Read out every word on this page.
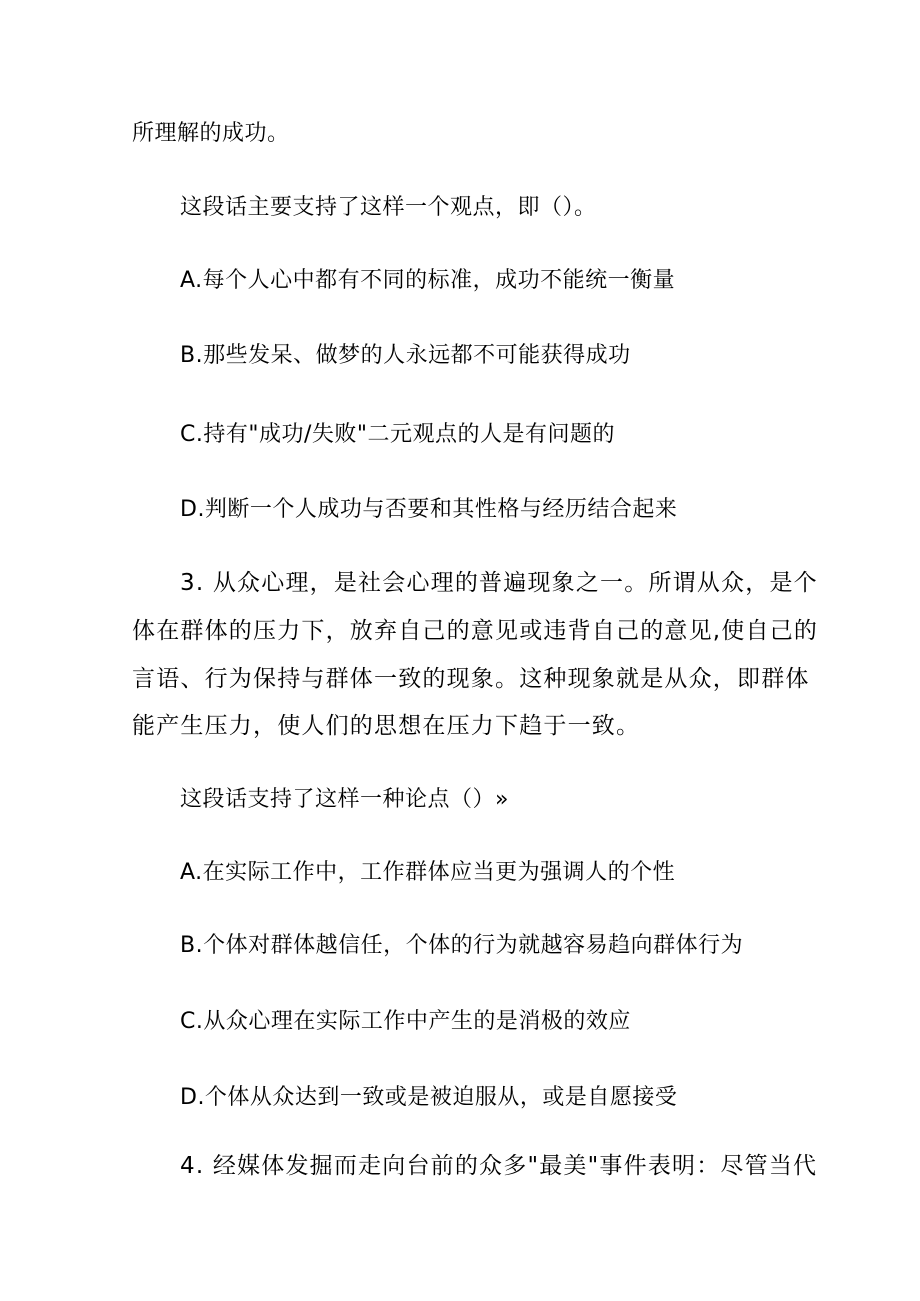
所理解的成功。
这段话主要支持了这样一个观点，即（）。
A.每个人心中都有不同的标准，成功不能统一衡量
B.那些发呆、做梦的人永远都不可能获得成功
C.持有"成功/失败"二元观点的人是有问题的
D.判断一个人成功与否要和其性格与经历结合起来
3. 从众心理，是社会心理的普遍现象之一。所谓从众，是个
体在群体的压力下，放弃自己的意见或违背自己的意见,使自己的
言语、行为保持与群体一致的现象。这种现象就是从众，即群体
能产生压力，使人们的思想在压力下趋于一致。
这段话支持了这样一种论点（）»
A.在实际工作中，工作群体应当更为强调人的个性
B.个体对群体越信任，个体的行为就越容易趋向群体行为
C.从众心理在实际工作中产生的是消极的效应
D.个体从众达到一致或是被迫服从，或是自愿接受
4. 经媒体发掘而走向台前的众多"最美"事件表明：尽管当代
